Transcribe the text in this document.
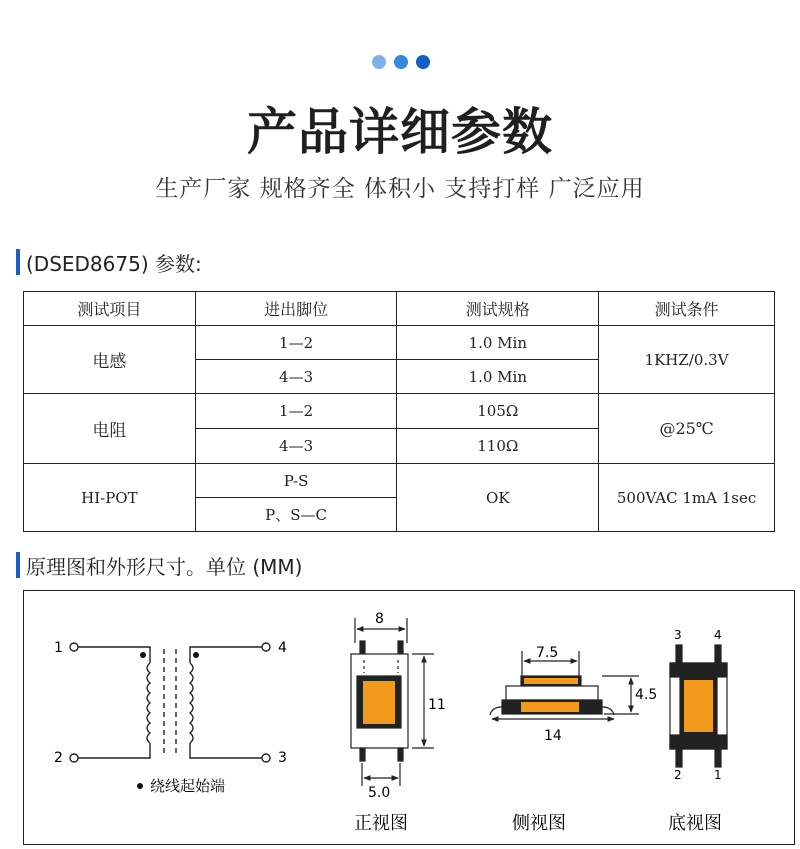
产品详细参数
生产厂家 规格齐全 体积小 支持打样 广泛应用
(DSED8675) 参数:
测试项目	进出脚位	测试规格	测试条件
电感	1—2	1.0 Min	1KHZ/0.3V
	4—3	1.0 Min	
电阻	1—2	105Ω	@25℃
	4—3	110Ω	
HI-POT	P-S	OK	500VAC 1mA 1sec
	P、S—C		
原理图和外形尺寸。单位 (MM)
1
2
4
3
绕线起始端
8
11
5.0
正视图
7.5
4.5
14
侧视图
3	4
2	1
底视图
